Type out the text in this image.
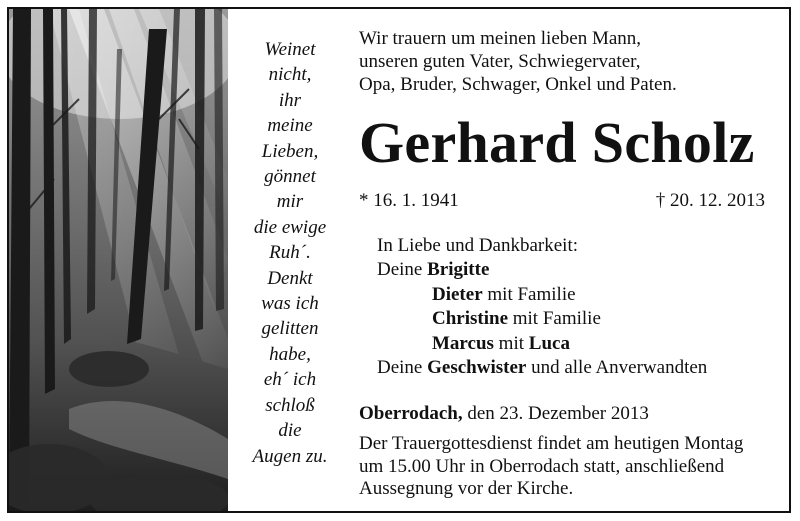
Weinet
nicht,
ihr
meine
Lieben,
gönnet
mir
die ewige
Ruh´.
Denkt
was ich
gelitten
habe,
eh´ ich
schloß
die
Augen zu.
Wir trauern um meinen lieben Mann,
unseren guten Vater, Schwiegervater,
Opa, Bruder, Schwager, Onkel und Paten.
Gerhard Scholz
* 16. 1. 1941	† 20. 12. 2013
In Liebe und Dankbarkeit:
Deine Brigitte
Dieter mit Familie
Christine mit Familie
Marcus mit Luca
Deine Geschwister und alle Anverwandten
Oberrodach, den 23. Dezember 2013
Der Trauergottesdienst findet am heutigen Montag
um 15.00 Uhr in Oberrodach statt, anschließend
Aussegnung vor der Kirche.
